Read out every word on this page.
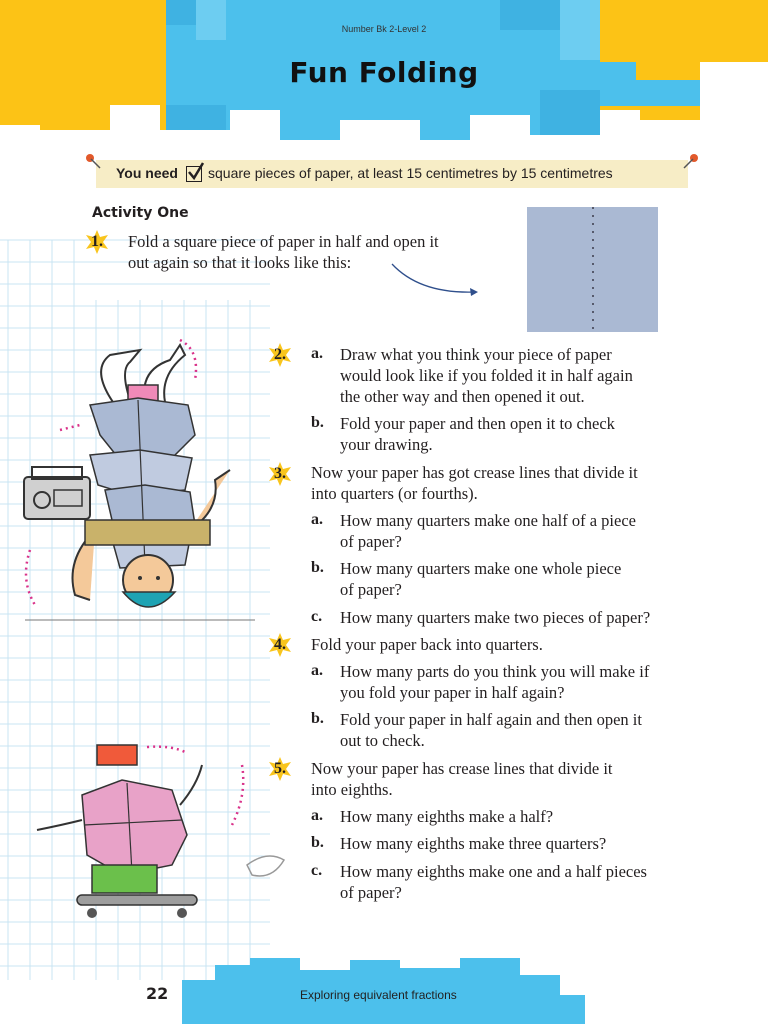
Number Bk 2-Level 2
Fun Folding
You need square pieces of paper, at least 15 centimetres by 15 centimetres
Activity One
1.	Fold a square piece of paper in half and open it
out again so that it looks like this:
2.	a. Draw what you think your piece of paper
would look like if you folded it in half again
the other way and then opened it out.
b. Fold your paper and then open it to check
your drawing.
3.	Now your paper has got crease lines that divide it
into quarters (or fourths).
a. How many quarters make one half of a piece
of paper?
b. How many quarters make one whole piece
of paper?
c. How many quarters make two pieces of paper?
4.	Fold your paper back into quarters.
a. How many parts do you think you will make if
you fold your paper in half again?
b. Fold your paper in half again and then open it
out to check.
5.	Now your paper has crease lines that divide it
into eighths.
a. How many eighths make a half?
b. How many eighths make three quarters?
c. How many eighths make one and a half pieces
of paper?
22	Exploring equivalent fractions
